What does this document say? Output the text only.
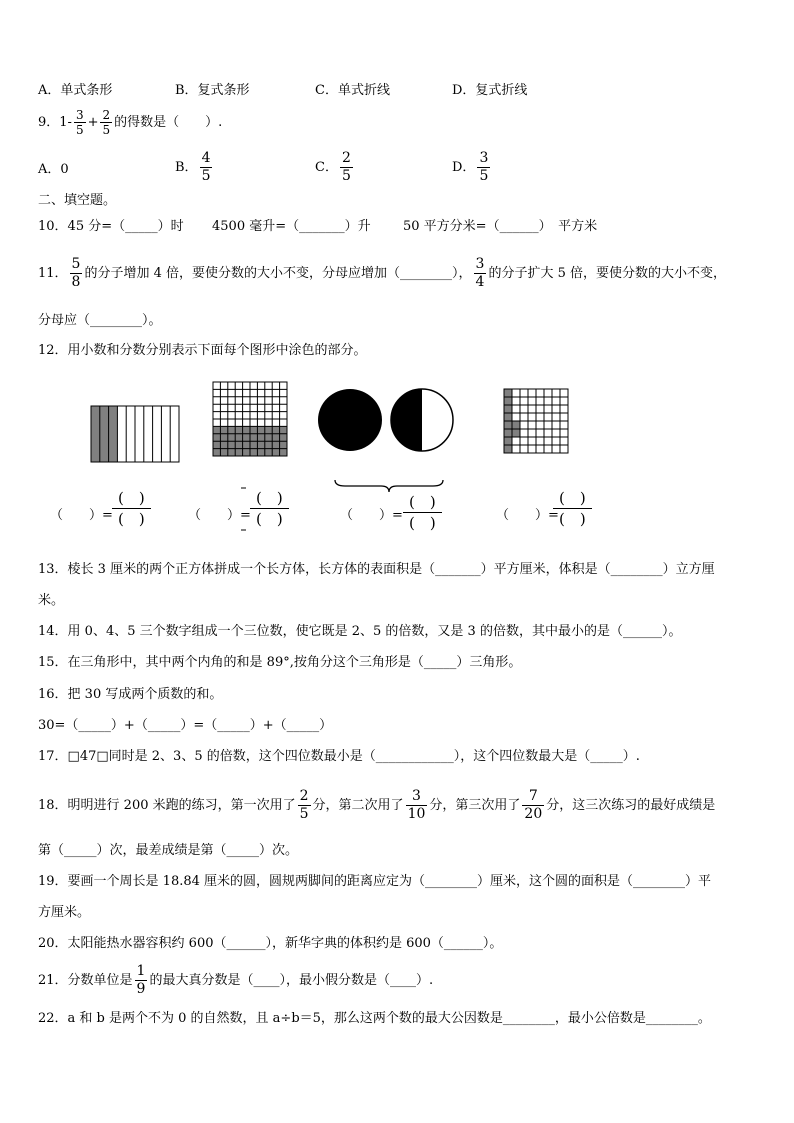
A．单式条形	B．复式条形	C．单式折线	D．复式折线
9．$1- \frac{3}{5} + \frac{2}{5}$ 的得数是（　　）.
A．0	B． $\frac{4}{5}$	C． $\frac{2}{5}$	D． $\frac{3}{5}$
二、填空题。
10．45 分=（_____）时 4500 毫升=（_______）升 50 平方分米=（______）　平方米
11． $\frac{5}{8}$ 的分子增加 4 倍，要使分数的大小不变，分母应增加（________）， $\frac{3}{4}$ 的分子扩大 5 倍，要使分数的大小不变，
分母应（________）。
12．用小数和分数分别表示下面每个图形中涂色的部分。
（　　）=
(　)
(　)	（　　）=
(　)
(　)	（　　）=
(　)
(　)	（　　）=
(　)
(　)
13．棱长 3 厘米的两个正方体拼成一个长方体，长方体的表面积是（_______）平方厘米，体积是（________）立方厘
米。
14．用 0、4、5 三个数字组成一个三位数，使它既是 2、5 的倍数，又是 3 的倍数，其中最小的是（______）。
15．在三角形中，其中两个内角的和是 89°,按角分这个三角形是（_____）三角形。
16．把 30 写成两个质数的和。
30=（_____）+（_____）=（_____）+（_____）
17．□47□同时是 2、3、5 的倍数，这个四位数最小是（____________），这个四位数最大是（_____）.
18．明明进行 200 米跑的练习，第一次用了 $\frac{2}{5}$ 分，第二次用了 $\frac{3}{10}$ 分，第三次用了 $\frac{7}{20}$ 分，这三次练习的最好成绩是
第（_____）次，最差成绩是第（_____）次。
19．要画一个周长是 18.84 厘米的圆，圆规两脚间的距离应定为（________）厘米，这个圆的面积是（________）平
方厘米。
20．太阳能热水器容积约 600（______），新华字典的体积约是 600（______）。
21．分数单位是 $\frac{1}{9}$ 的最大真分数是（____），最小假分数是（____）.
22．a 和 b 是两个不为 0 的自然数，且 a÷b＝5，那么这两个数的最大公因数是________，最小公倍数是________。
